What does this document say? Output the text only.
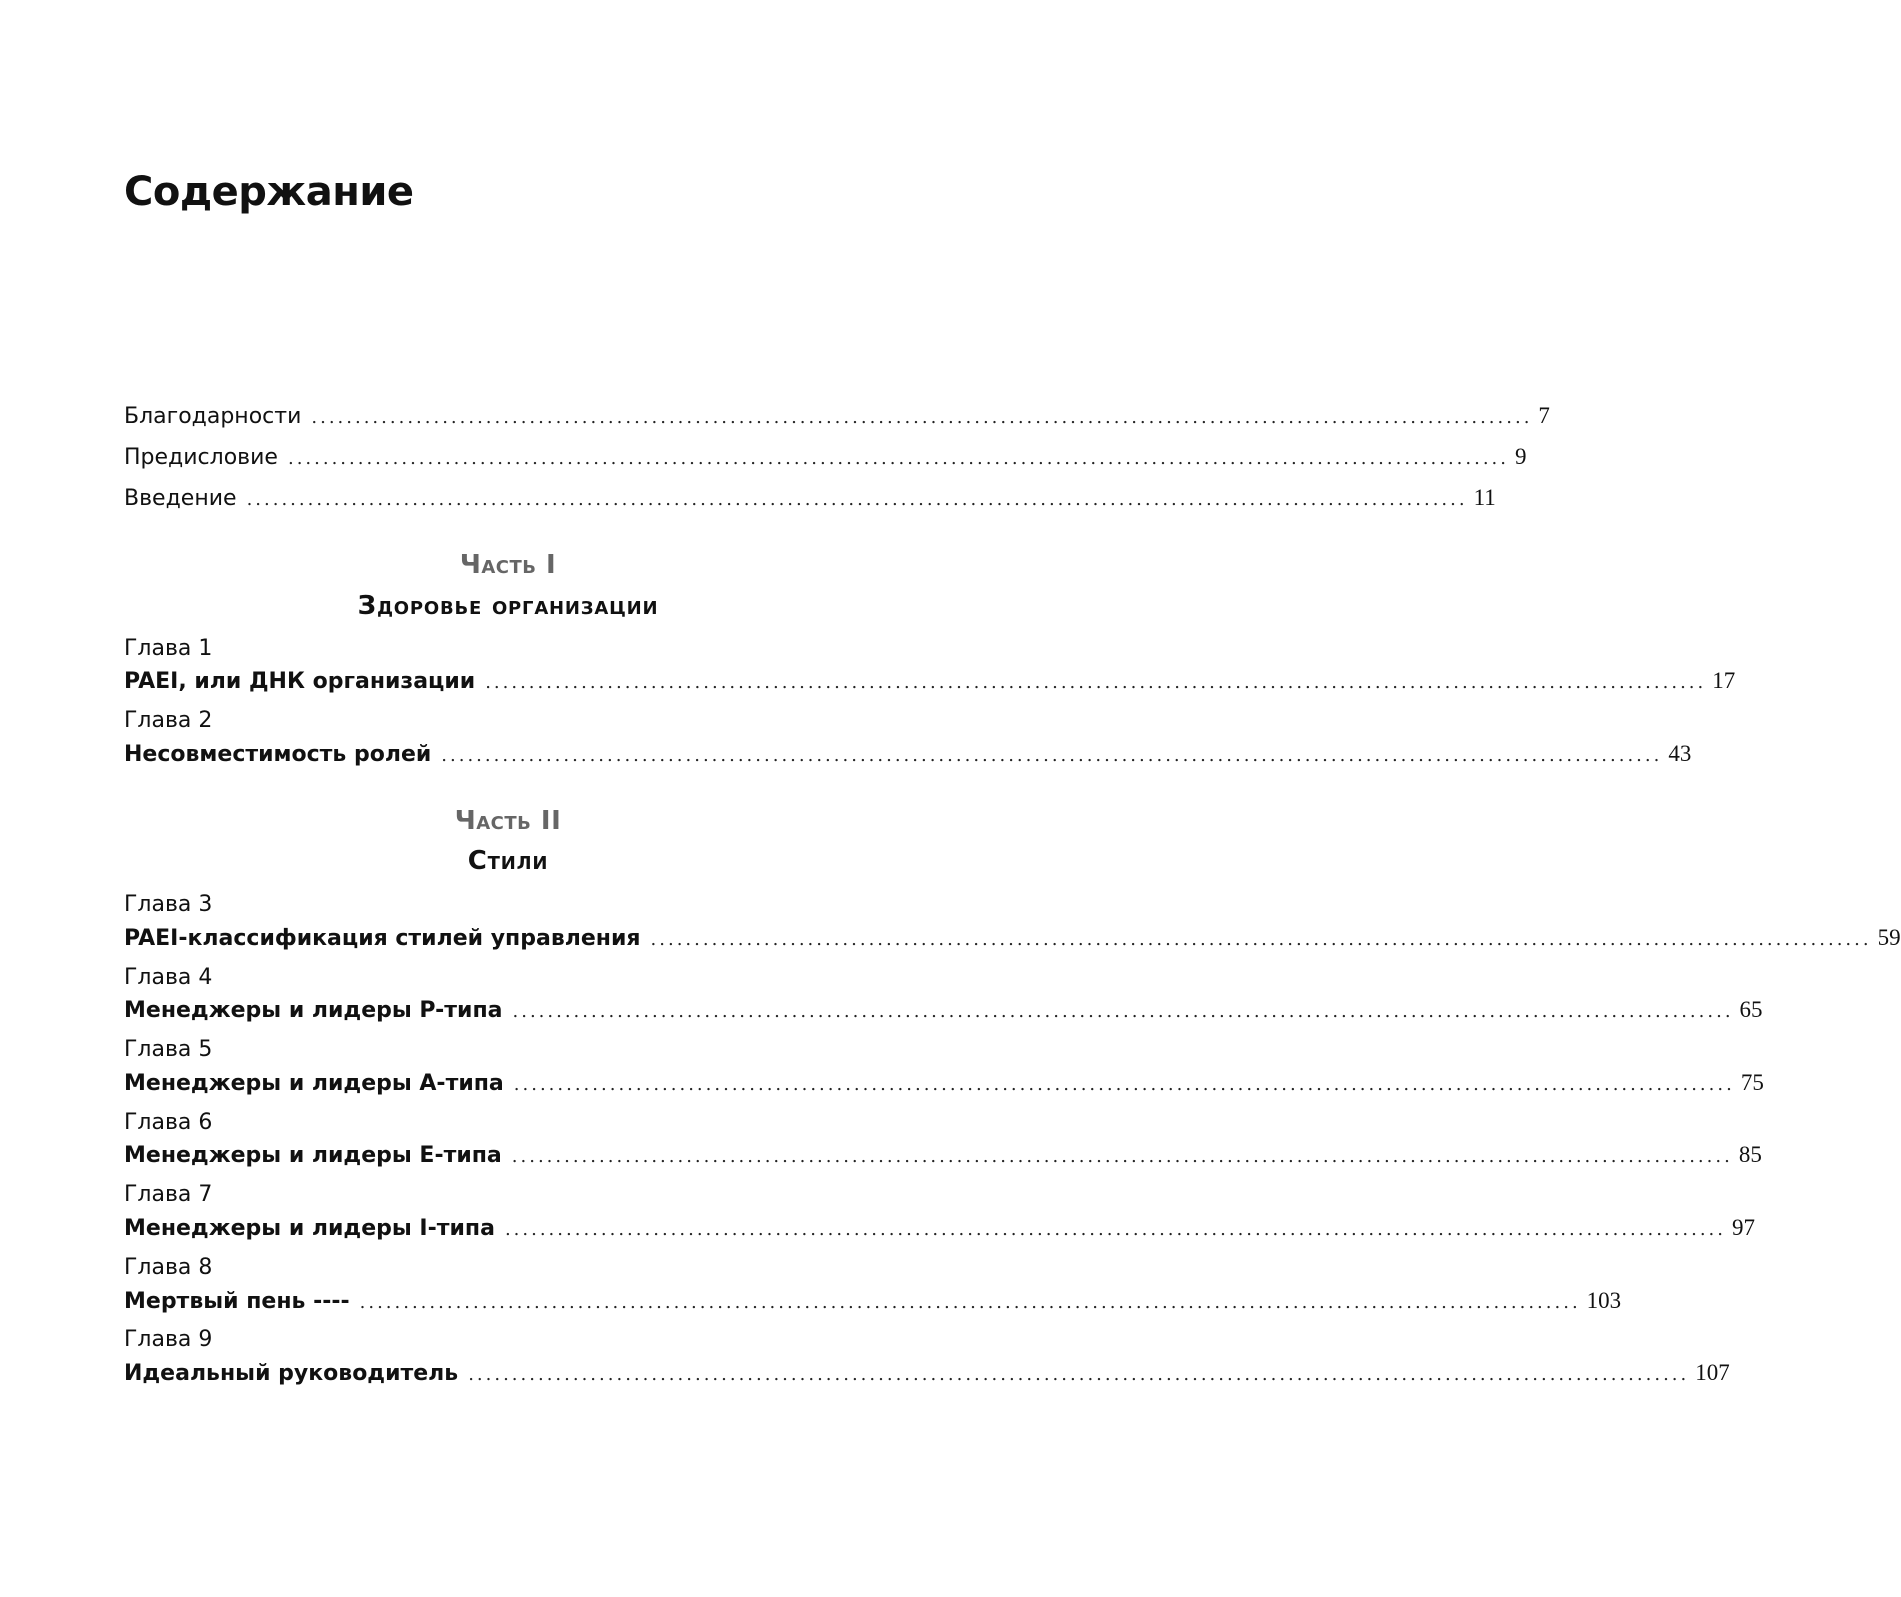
Содержание
Благодарности ............................................................................................................................................ 7
Предисловие ............................................................................................................................................ 9
Введение ............................................................................................................................................ 11
Часть I
Здоровье организации
Глава 1
PAEI, или ДНК организации ............................................................................................................................................ 17
Глава 2
Несовместимость ролей ............................................................................................................................................ 43
Часть II
Стили
Глава 3
PAEI-классификация стилей управления ............................................................................................................................................ 59
Глава 4
Менеджеры и лидеры P-типа ............................................................................................................................................ 65
Глава 5
Менеджеры и лидеры A-типа ............................................................................................................................................ 75
Глава 6
Менеджеры и лидеры E-типа ............................................................................................................................................ 85
Глава 7
Менеджеры и лидеры I-типа ............................................................................................................................................ 97
Глава 8
Мертвый пень ---- ............................................................................................................................................ 103
Глава 9
Идеальный руководитель ............................................................................................................................................ 107
